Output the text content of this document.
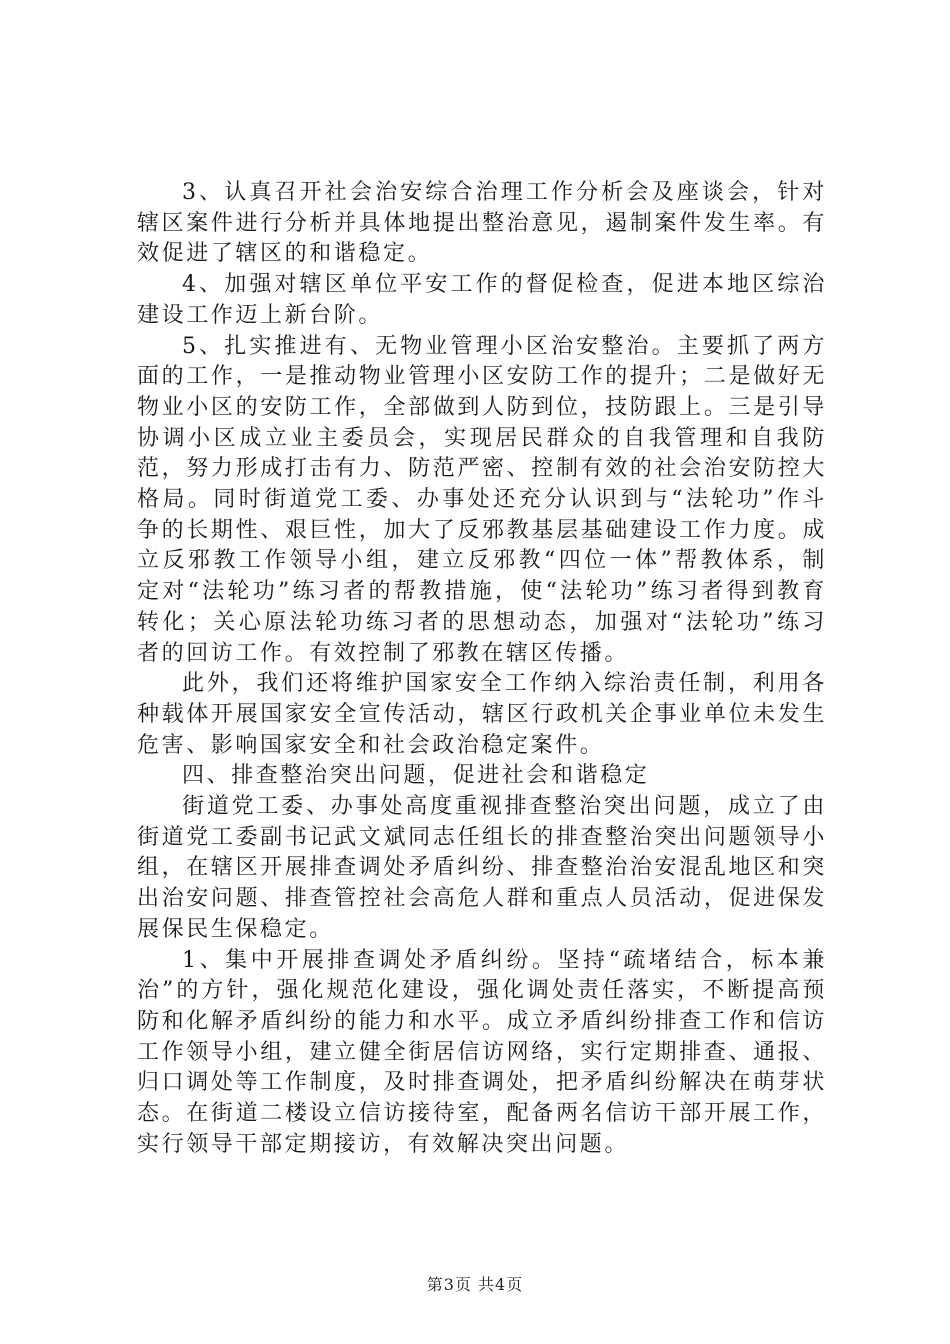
3、认真召开社会治安综合治理工作分析会及座谈会，针对辖区案件进行分析并具体地提出整治意见，遏制案件发生率。有效促进了辖区的和谐稳定。

4、加强对辖区单位平安工作的督促检查，促进本地区综治建设工作迈上新台阶。

5、扎实推进有、无物业管理小区治安整治。主要抓了两方面的工作，一是推动物业管理小区安防工作的提升；二是做好无物业小区的安防工作，全部做到人防到位，技防跟上。三是引导协调小区成立业主委员会，实现居民群众的自我管理和自我防范，努力形成打击有力、防范严密、控制有效的社会治安防控大格局。同时街道党工委、办事处还充分认识到与“法轮功”作斗争的长期性、艰巨性，加大了反邪教基层基础建设工作力度。成立反邪教工作领导小组，建立反邪教“四位一体”帮教体系，制定对“法轮功”练习者的帮教措施，使“法轮功”练习者得到教育转化；关心原法轮功练习者的思想动态，加强对“法轮功”练习者的回访工作。有效控制了邪教在辖区传播。

此外，我们还将维护国家安全工作纳入综治责任制，利用各种载体开展国家安全宣传活动，辖区行政机关企事业单位未发生危害、影响国家安全和社会政治稳定案件。

四、排查整治突出问题，促进社会和谐稳定

街道党工委、办事处高度重视排查整治突出问题，成立了由街道党工委副书记武文斌同志任组长的排查整治突出问题领导小组，在辖区开展排查调处矛盾纠纷、排查整治治安混乱地区和突出治安问题、排查管控社会高危人群和重点人员活动，促进保发展保民生保稳定。

1、集中开展排查调处矛盾纠纷。坚持“疏堵结合，标本兼治”的方针，强化规范化建设，强化调处责任落实，不断提高预防和化解矛盾纠纷的能力和水平。成立矛盾纠纷排查工作和信访工作领导小组，建立健全街居信访网络，实行定期排查、通报、归口调处等工作制度，及时排查调处，把矛盾纠纷解决在萌芽状态。在街道二楼设立信访接待室，配备两名信访干部开展工作，实行领导干部定期接访，有效解决突出问题。

第3页 共4页
